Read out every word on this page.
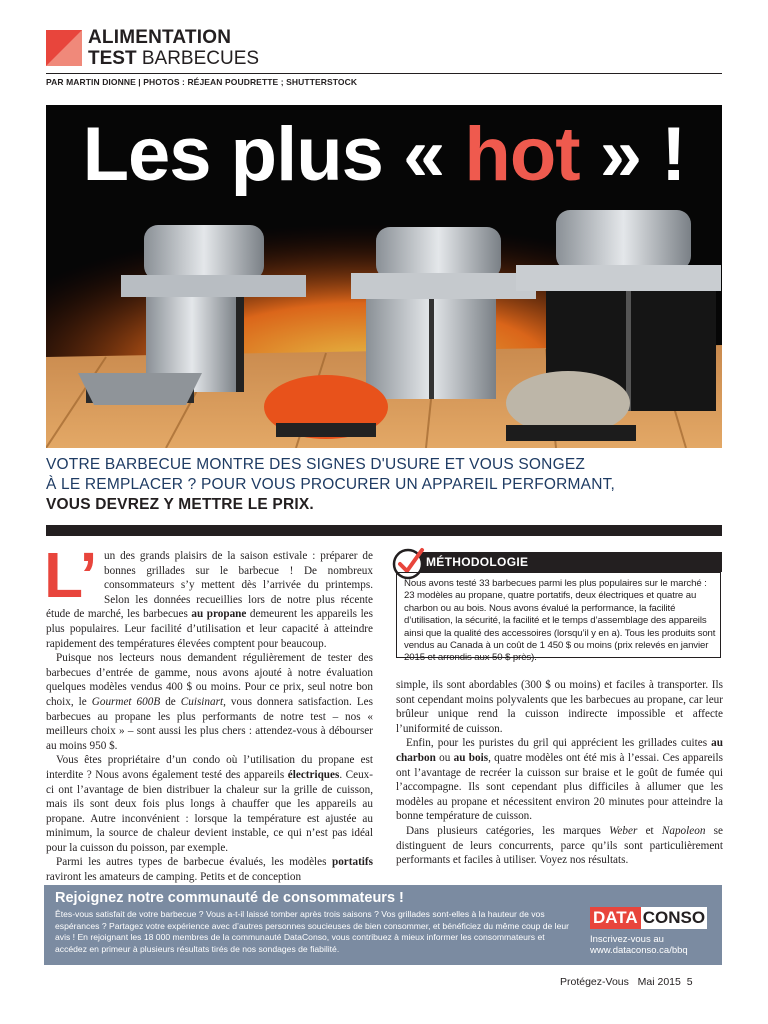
ALIMENTATION
TEST BARBECUES
PAR MARTIN DIONNE | PHOTOS : RÉJEAN POUDRETTE ; SHUTTERSTOCK
Les plus « hot » !
VOTRE BARBECUE MONTRE DES SIGNES D'USURE ET VOUS SONGEZ
À LE REMPLACER ? POUR VOUS PROCURER UN APPAREIL PERFORMANT,
VOUS DEVREZ Y METTRE LE PRIX.
L’ un des grands plaisirs de la saison estivale : préparer de bonnes grillades sur le barbecue ! De nombreux consommateurs s’y mettent dès l’arrivée du printemps. Selon les données recueillies lors de notre plus récente étude de marché, les barbecues au propane demeurent les appareils les plus populaires. Leur facilité d’utilisation et leur capacité à atteindre rapidement des températures élevées comptent pour beaucoup.

Puisque nos lecteurs nous demandent régulièrement de tester des barbecues d’entrée de gamme, nous avons ajouté à notre évaluation quelques modèles vendus 400 $ ou moins. Pour ce prix, seul notre bon choix, le Gourmet 600B de Cuisinart, vous donnera satisfaction. Les barbecues au propane les plus performants de notre test – nos « meilleurs choix » – sont aussi les plus chers : attendez-vous à débourser au moins 950 $.

Vous êtes propriétaire d’un condo où l’utilisation du propane est interdite ? Nous avons également testé des appareils électriques. Ceux-ci ont l’avantage de bien distribuer la chaleur sur la grille de cuisson, mais ils sont deux fois plus longs à chauffer que les appareils au propane. Autre inconvénient : lorsque la température est ajustée au minimum, la source de chaleur devient instable, ce qui n’est pas idéal pour la cuisson du poisson, par exemple.

Parmi les autres types de barbecue évalués, les modèles portatifs raviront les amateurs de camping. Petits et de conception

MÉTHODOLOGIE
Nous avons testé 33 barbecues parmi les plus populaires sur le marché : 23 modèles au propane, quatre portatifs, deux électriques et quatre au charbon ou au bois. Nous avons évalué la performance, la facilité d’utilisation, la sécurité, la facilité et le temps d’assemblage des appareils ainsi que la qualité des accessoires (lorsqu’il y en a). Tous les produits sont vendus au Canada à un coût de 1 450 $ ou moins (prix relevés en janvier 2015 et arrondis aux 50 $ près).

simple, ils sont abordables (300 $ ou moins) et faciles à transporter. Ils sont cependant moins polyvalents que les barbecues au propane, car leur brûleur unique rend la cuisson indirecte impossible et affecte l’uniformité de cuisson.

Enfin, pour les puristes du gril qui apprécient les grillades cuites au charbon ou au bois, quatre modèles ont été mis à l’essai. Ces appareils ont l’avantage de recréer la cuisson sur braise et le goût de fumée qui l’accompagne. Ils sont cependant plus difficiles à allumer que les modèles au propane et nécessitent environ 20 minutes pour atteindre la bonne température de cuisson.

Dans plusieurs catégories, les marques Weber et Napoleon se distinguent de leurs concurrents, parce qu’ils sont particulièrement performants et faciles à utiliser. Voyez nos résultats.

Rejoignez notre communauté de consommateurs !
Êtes-vous satisfait de votre barbecue ? Vous a-t-il laissé tomber après trois saisons ? Vos grillades sont-elles à la hauteur de vos espérances ? Partagez votre expérience avec d’autres personnes soucieuses de bien consommer, et bénéficiez du même coup de leur avis ! En rejoignant les 18 000 membres de la communauté DataConso, vous contribuez à mieux informer les consommateurs et accédez en primeur à plusieurs résultats tirés de nos sondages de fiabilité.
DATA CONSO
Inscrivez-vous au
www.dataconso.ca/bbq
Protégez-Vous Mai 2015 5
